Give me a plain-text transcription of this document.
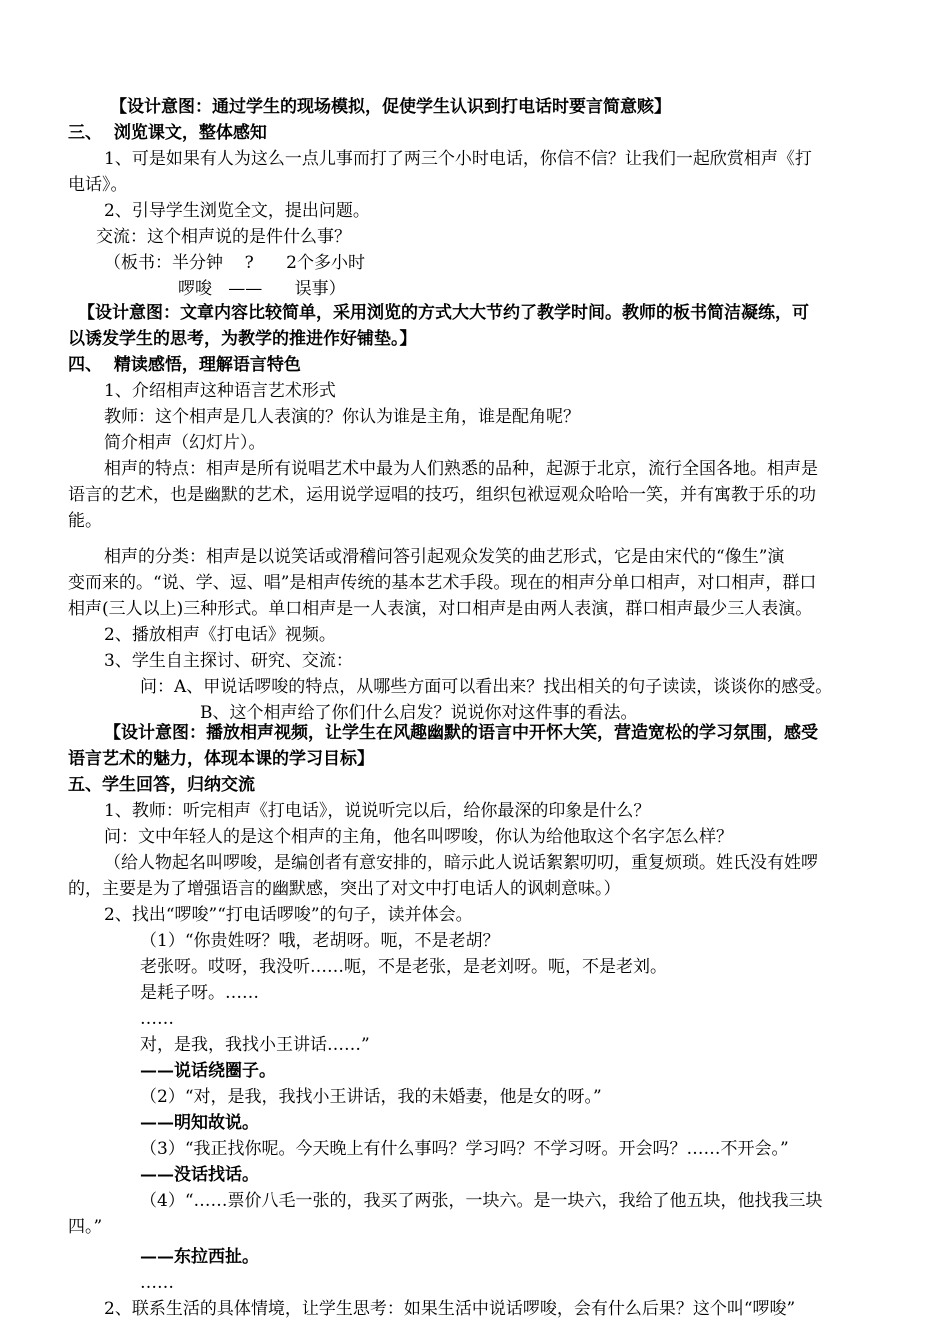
【设计意图：通过学生的现场模拟，促使学生认识到打电话时要言简意赅】

三、  浏览课文，整体感知

1、可是如果有人为这么一点儿事而打了两三个小时电话，你信不信？让我们一起欣赏相声《打

电话》。

2、引导学生浏览全文，提出问题。

交流：这个相声说的是件什么事？

（板书：半分钟    ?      2个多小时

啰唆   ——      误事）

【设计意图：文章内容比较简单，采用浏览的方式大大节约了教学时间。教师的板书简洁凝练，可

以诱发学生的思考，为教学的推进作好铺垫。】

四、  精读感悟，理解语言特色

1、介绍相声这种语言艺术形式

教师：这个相声是几人表演的？你认为谁是主角，谁是配角呢？

简介相声（幻灯片）。

相声的特点：相声是所有说唱艺术中最为人们熟悉的品种，起源于北京，流行全国各地。相声是

语言的艺术，也是幽默的艺术，运用说学逗唱的技巧，组织包袱逗观众哈哈一笑，并有寓教于乐的功

能。

相声的分类：相声是以说笑话或滑稽问答引起观众发笑的曲艺形式，它是由宋代的“像生”演

变而来的。“说、学、逗、唱”是相声传统的基本艺术手段。现在的相声分单口相声，对口相声，群口

相声(三人以上)三种形式。单口相声是一人表演，对口相声是由两人表演，群口相声最少三人表演。

2、播放相声《打电话》视频。

3、学生自主探讨、研究、交流：

问：A、甲说话啰唆的特点，从哪些方面可以看出来？找出相关的句子读读，谈谈你的感受。

B、这个相声给了你们什么启发？说说你对这件事的看法。

【设计意图：播放相声视频，让学生在风趣幽默的语言中开怀大笑，营造宽松的学习氛围，感受

语言艺术的魅力，体现本课的学习目标】

五、学生回答，归纳交流

1、教师：听完相声《打电话》，说说听完以后，给你最深的印象是什么？

问：文中年轻人的是这个相声的主角，他名叫啰唆，你认为给他取这个名字怎么样？

（给人物起名叫啰唆，是编创者有意安排的，暗示此人说话絮絮叨叨，重复烦琐。姓氏没有姓啰

的，主要是为了增强语言的幽默感，突出了对文中打电话人的讽刺意味。）

2、找出“啰唆”“打电话啰唆”的句子，读并体会。

（1）“你贵姓呀？哦，老胡呀。呃，不是老胡？

老张呀。哎呀，我没听……呃，不是老张，是老刘呀。呃，不是老刘。

是耗子呀。……

……

对，是我，我找小王讲话……”

——说话绕圈子。

（2）“对，是我，我找小王讲话，我的未婚妻，他是女的呀。”

——明知故说。

（3）“我正找你呢。今天晚上有什么事吗？学习吗？不学习呀。开会吗？……不开会。”

——没话找话。

（4）“……票价八毛一张的，我买了两张，一块六。是一块六，我给了他五块，他找我三块

四。”

——东拉西扯。

……

2、联系生活的具体情境，让学生思考：如果生活中说话啰唆，会有什么后果？这个叫“啰唆”
